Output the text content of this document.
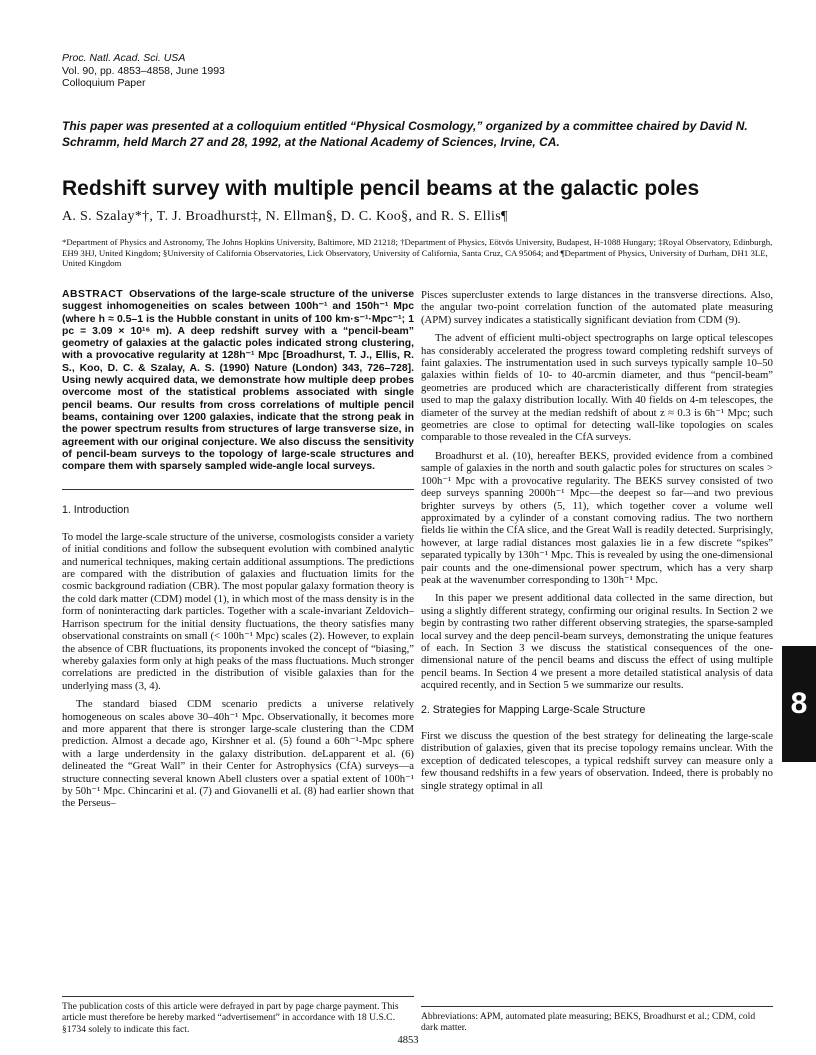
Proc. Natl. Acad. Sci. USA
Vol. 90, pp. 4853–4858, June 1993
Colloquium Paper
This paper was presented at a colloquium entitled “Physical Cosmology,” organized by a committee chaired by David N. Schramm, held March 27 and 28, 1992, at the National Academy of Sciences, Irvine, CA.
Redshift survey with multiple pencil beams at the galactic poles
A. S. Szalay*†, T. J. Broadhurst‡, N. Ellman§, D. C. Koo§, and R. S. Ellis¶
*Department of Physics and Astronomy, The Johns Hopkins University, Baltimore, MD 21218; †Department of Physics, Eötvös University, Budapest, H-1088 Hungary; ‡Royal Observatory, Edinburgh, EH9 3HJ, United Kingdom; §University of California Observatories, Lick Observatory, University of California, Santa Cruz, CA 95064; and ¶Department of Physics, University of Durham, DH1 3LE, United Kingdom
ABSTRACT Observations of the large-scale structure of the universe suggest inhomogeneities on scales between 100h⁻¹ and 150h⁻¹ Mpc (where h ≈ 0.5–1 is the Hubble constant in units of 100 km·s⁻¹·Mpc⁻¹; 1 pc = 3.09 × 10¹⁶ m). A deep redshift survey with a “pencil-beam” geometry of galaxies at the galactic poles indicated strong clustering, with a provocative regularity at 128h⁻¹ Mpc [Broadhurst, T. J., Ellis, R. S., Koo, D. C. & Szalay, A. S. (1990) Nature (London) 343, 726–728]. Using newly acquired data, we demonstrate how multiple deep probes overcome most of the statistical problems associated with single pencil beams. Our results from cross correlations of multiple pencil beams, containing over 1200 galaxies, indicate that the strong peak in the power spectrum results from structures of large transverse size, in agreement with our original conjecture. We also discuss the sensitivity of pencil-beam surveys to the topology of large-scale structures and compare them with sparsely sampled wide-angle local surveys.
1. Introduction

To model the large-scale structure of the universe, cosmologists consider a variety of initial conditions and follow the subsequent evolution with combined analytic and numerical techniques, making certain additional assumptions. The predictions are compared with the distribution of galaxies and fluctuation limits for the cosmic background radiation (CBR). The most popular galaxy formation theory is the cold dark matter (CDM) model (1), in which most of the mass density is in the form of noninteracting dark particles. Together with a scale-invariant Zeldovich–Harrison spectrum for the initial density fluctuations, the theory satisfies many observational constraints on small (< 100h⁻¹ Mpc) scales (2). However, to explain the absence of CBR fluctuations, its proponents invoked the concept of “biasing,” whereby galaxies form only at high peaks of the mass fluctuations. Much stronger correlations are predicted in the distribution of visible galaxies than for the underlying mass (3, 4).

The standard biased CDM scenario predicts a universe relatively homogeneous on scales above 30–40h⁻¹ Mpc. Observationally, it becomes more and more apparent that there is stronger large-scale clustering than the CDM prediction. Almost a decade ago, Kirshner et al. (5) found a 60h⁻¹-Mpc sphere with a large underdensity in the galaxy distribution. deLapparent et al. (6) delineated the “Great Wall” in their Center for Astrophysics (CfA) surveys—a structure connecting several known Abell clusters over a spatial extent of 100h⁻¹ by 50h⁻¹ Mpc. Chincarini et al. (7) and Giovanelli et al. (8) had earlier shown that the Perseus–

Pisces supercluster extends to large distances in the transverse directions. Also, the angular two-point correlation function of the automated plate measuring (APM) survey indicates a statistically significant deviation from CDM (9).

The advent of efficient multi-object spectrographs on large optical telescopes has considerably accelerated the progress toward completing redshift surveys of faint galaxies. The instrumentation used in such surveys typically sample 10–50 galaxies within fields of 10- to 40-arcmin diameter, and thus “pencil-beam” geometries are produced which are characteristically different from strategies used to map the galaxy distribution locally. With 40 fields on 4-m telescopes, the diameter of the survey at the median redshift of about z ≈ 0.3 is 6h⁻¹ Mpc; such geometries are close to optimal for detecting wall-like topologies on scales comparable to those revealed in the CfA surveys.

Broadhurst et al. (10), hereafter BEKS, provided evidence from a combined sample of galaxies in the north and south galactic poles for structures on scales > 100h⁻¹ Mpc with a provocative regularity. The BEKS survey consisted of two deep surveys spanning 2000h⁻¹ Mpc—the deepest so far—and two previous brighter surveys by others (5, 11), which together cover a volume well approximated by a cylinder of a constant comoving radius. The two northern fields lie within the CfA slice, and the Great Wall is readily detected. Surprisingly, however, at large radial distances most galaxies lie in a few discrete “spikes” separated typically by 130h⁻¹ Mpc. This is revealed by using the one-dimensional pair counts and the one-dimensional power spectrum, which has a very sharp peak at the wavenumber corresponding to 130h⁻¹ Mpc.

In this paper we present additional data collected in the same direction, but using a slightly different strategy, confirming our original results. In Section 2 we begin by contrasting two rather different observing strategies, the sparse-sampled local survey and the deep pencil-beam surveys, demonstrating the unique features of each. In Section 3 we discuss the statistical consequences of the one-dimensional nature of the pencil beams and discuss the effect of using multiple pencil beams. In Section 4 we present a more detailed statistical analysis of data acquired recently, and in Section 5 we summarize our results.

2. Strategies for Mapping Large-Scale Structure

First we discuss the question of the best strategy for delineating the large-scale distribution of galaxies, given that its precise topology remains unclear. With the exception of dedicated telescopes, a typical redshift survey can measure only a few thousand redshifts in a few years of observation. Indeed, there is probably no single strategy optimal in all

The publication costs of this article were defrayed in part by page charge payment. This article must therefore be hereby marked “advertisement” in accordance with 18 U.S.C. §1734 solely to indicate this fact.

Abbreviations: APM, automated plate measuring; BEKS, Broadhurst et al.; CDM, cold dark matter.

8
4853
